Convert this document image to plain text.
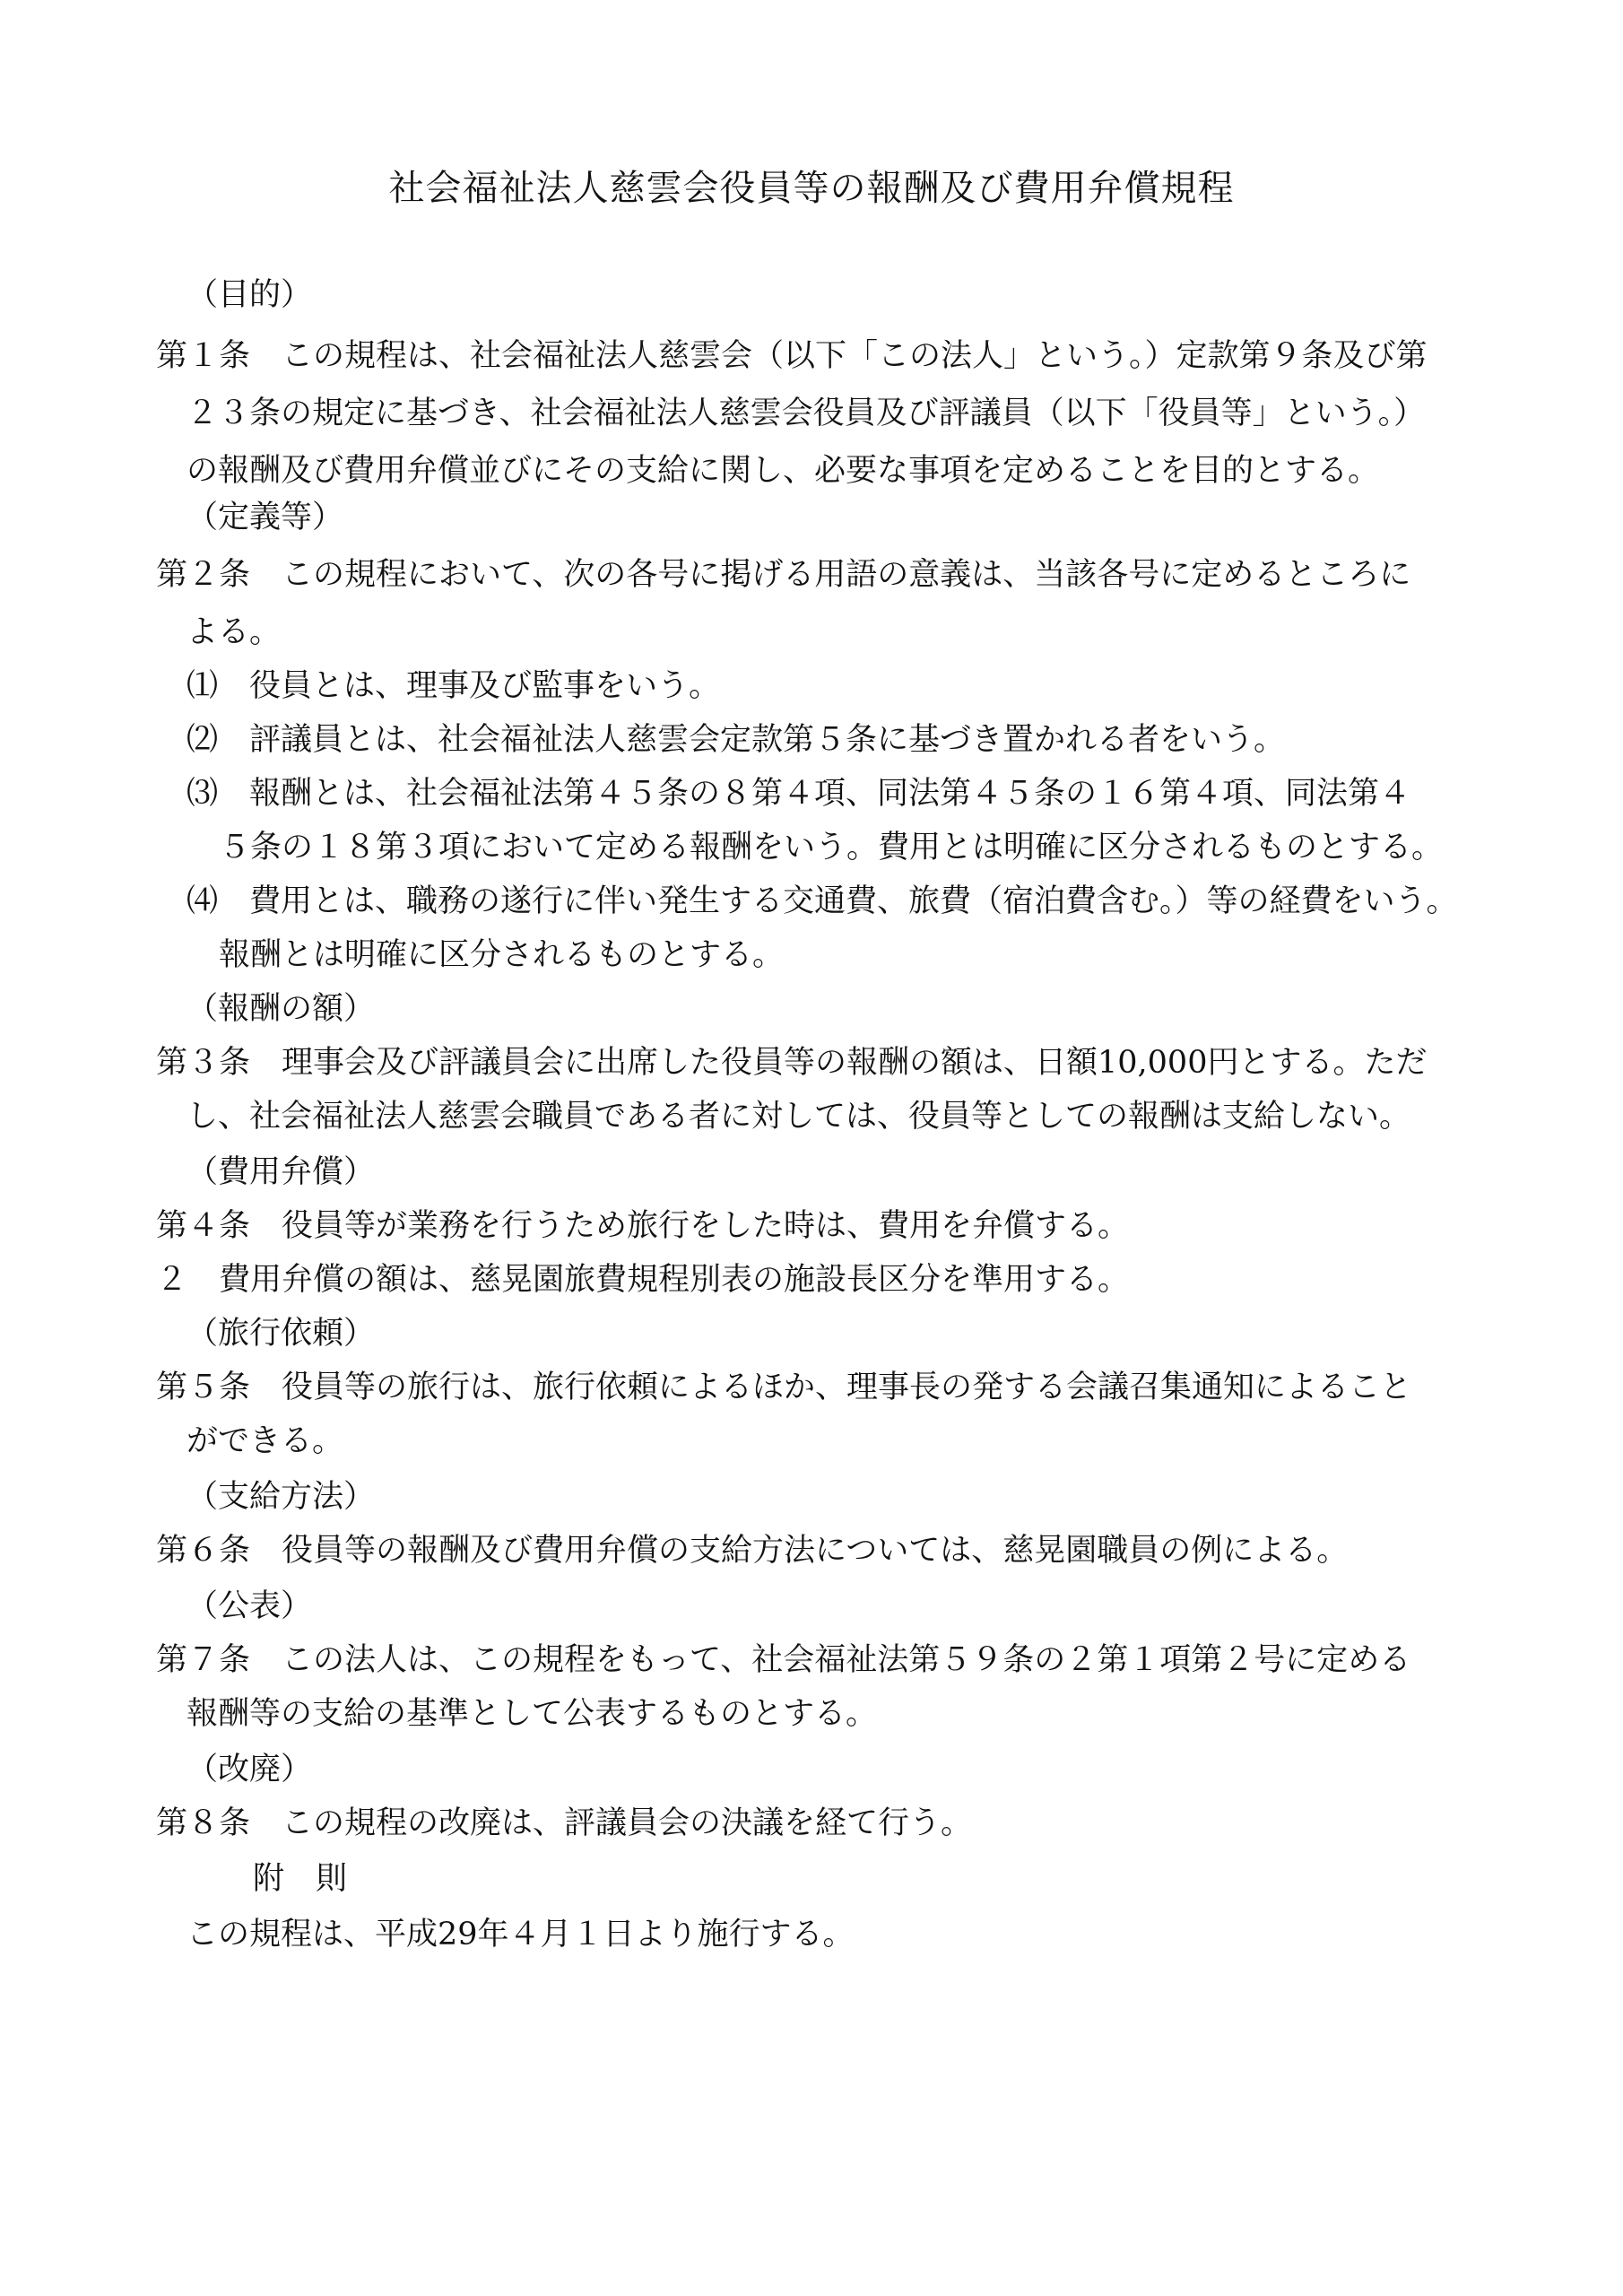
社会福祉法人慈雲会役員等の報酬及び費用弁償規程
（目的）
第１条　この規程は、社会福祉法人慈雲会（以下「この法人」という。）定款第９条及び第
２３条の規定に基づき、社会福祉法人慈雲会役員及び評議員（以下「役員等」という。）
の報酬及び費用弁償並びにその支給に関し、必要な事項を定めることを目的とする。
（定義等）
第２条　この規程において、次の各号に掲げる用語の意義は、当該各号に定めるところに
よる。
⑴　役員とは、理事及び監事をいう。
⑵　評議員とは、社会福祉法人慈雲会定款第５条に基づき置かれる者をいう。
⑶　報酬とは、社会福祉法第４５条の８第４項、同法第４５条の１６第４項、同法第４
５条の１８第３項において定める報酬をいう。費用とは明確に区分されるものとする。
⑷　費用とは、職務の遂行に伴い発生する交通費、旅費（宿泊費含む。）等の経費をいう。
報酬とは明確に区分されるものとする。
（報酬の額）
第３条　理事会及び評議員会に出席した役員等の報酬の額は、日額10,000円とする。ただ
し、社会福祉法人慈雲会職員である者に対しては、役員等としての報酬は支給しない。
（費用弁償）
第４条　役員等が業務を行うため旅行をした時は、費用を弁償する。
２　費用弁償の額は、慈晃園旅費規程別表の施設長区分を準用する。
（旅行依頼）
第５条　役員等の旅行は、旅行依頼によるほか、理事長の発する会議召集通知によること
ができる。
（支給方法）
第６条　役員等の報酬及び費用弁償の支給方法については、慈晃園職員の例による。
（公表）
第７条　この法人は、この規程をもって、社会福祉法第５９条の２第１項第２号に定める
報酬等の支給の基準として公表するものとする。
（改廃）
第８条　この規程の改廃は、評議員会の決議を経て行う。
附　則
この規程は、平成29年４月１日より施行する。
